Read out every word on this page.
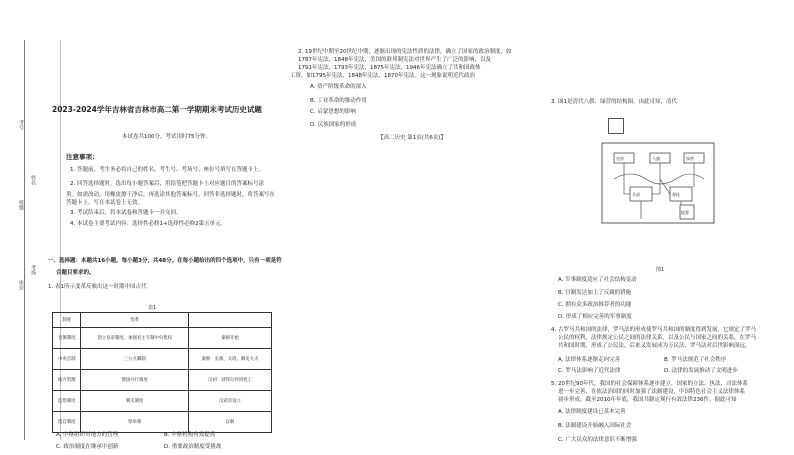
考号
姓名
班级
考场
座位
2023-2024学年吉林省吉林市高二第一学期期末考试历史试题
本试卷共100分，考试用时75分钟。
注意事项：
1. 答题前，考生务必将自己的姓名、考生号、考场号、座位号填写在答题卡上。
2. 回答选择题时，选出每小题答案后，用铅笔把答题卡上对应题目的答案标号涂
黑。如需改动，用橡皮擦干净后，再选涂其他答案标号。回答非选择题时，将答案写在
答题卡上。写在本试卷上无效。
3. 考试结束后，将本试卷和答题卡一并交回。
4. 本试卷主要考试内容：选择性必修1+选择性必修2第五单元。
一、选择题：本题共16小题，每小题3分，共48分。在每小题给出的四个选项中，只有一项是符
合题目要求的。
1. 表1所示变革反映出这一时期中国古代
表1
制度	变革	
官僚制度	创立皇帝制度，加强君主专制中央集权	秦朝开始
中央官制	三公九卿制	秦朝：丞相、太尉、御史大夫
地方管理	郡国并行制度	汉初：刘邦分封同姓王
监察制度	刺史制度	汉武帝设立
选官制度	察举制	汉朝
A. 中枢组织对地方的管理	B. 中枢机构有效提高
C. 政治制度在继承中创新	D. 重要政治制度受挑战
2. 19世纪中期至20世纪中期，逐渐出现的宪法性质的法律，确立了国家的政治制度，如
1787年宪法、1848年宪法，美国的联邦制宪法对世界产生了广泛的影响，以及
1791年宪法、1793年宪法，1875年宪法、1946年宪法确立了共和国政体
工资，如1795年宪法、1848年宪法、1870年宪法。这一现象说明近代政治
A. 资产阶级革命的深入
B. 工业革命的推动作用
C. 启蒙思想的影响
D. 民族国家的形成
【高二历史 第1页(共6页)】
3. 图1是清代八旗、绿营的结构图，由此可知，清代
皇帝	八旗	绿营
兵部	督抚
提督
图1
A. 军事制度适应了社会结构变动
B. 官制发达加上了反腐的措施
C. 拥有众多政治推荐者的功能
D. 形成了相应完善的军事制度
4. 古罗马共和国的法律，罗马法的形成使罗马共和国的制度得到发展，它规定了罗马
公民的权利，法律规定公民之间的法律关系，以及公民与国家之间的关系，在罗马
共和国时期，形成了公民法，后来又发展成为万民法，罗马法对后世影响深远。
A. 法律体系逐渐走向完善	B. 罗马法规范了社会秩序
C. 罗马法影响了近代法律	D. 法律的发展推动了文明进步
5. 20世纪90年代，我国的社会保障体系逐步建立，国家的立法、执法、司法体系
进一步完善，在依法治国的同时加强了法制建设，中国特色社会主义法律体系
初步形成。截至2010年年底，我国共制定现行有效法律236件。据此可知
A. 法律制度建设已基本完善
B. 法制建设开始融入国际社会
C. 广大民众的法律意识不断增强
